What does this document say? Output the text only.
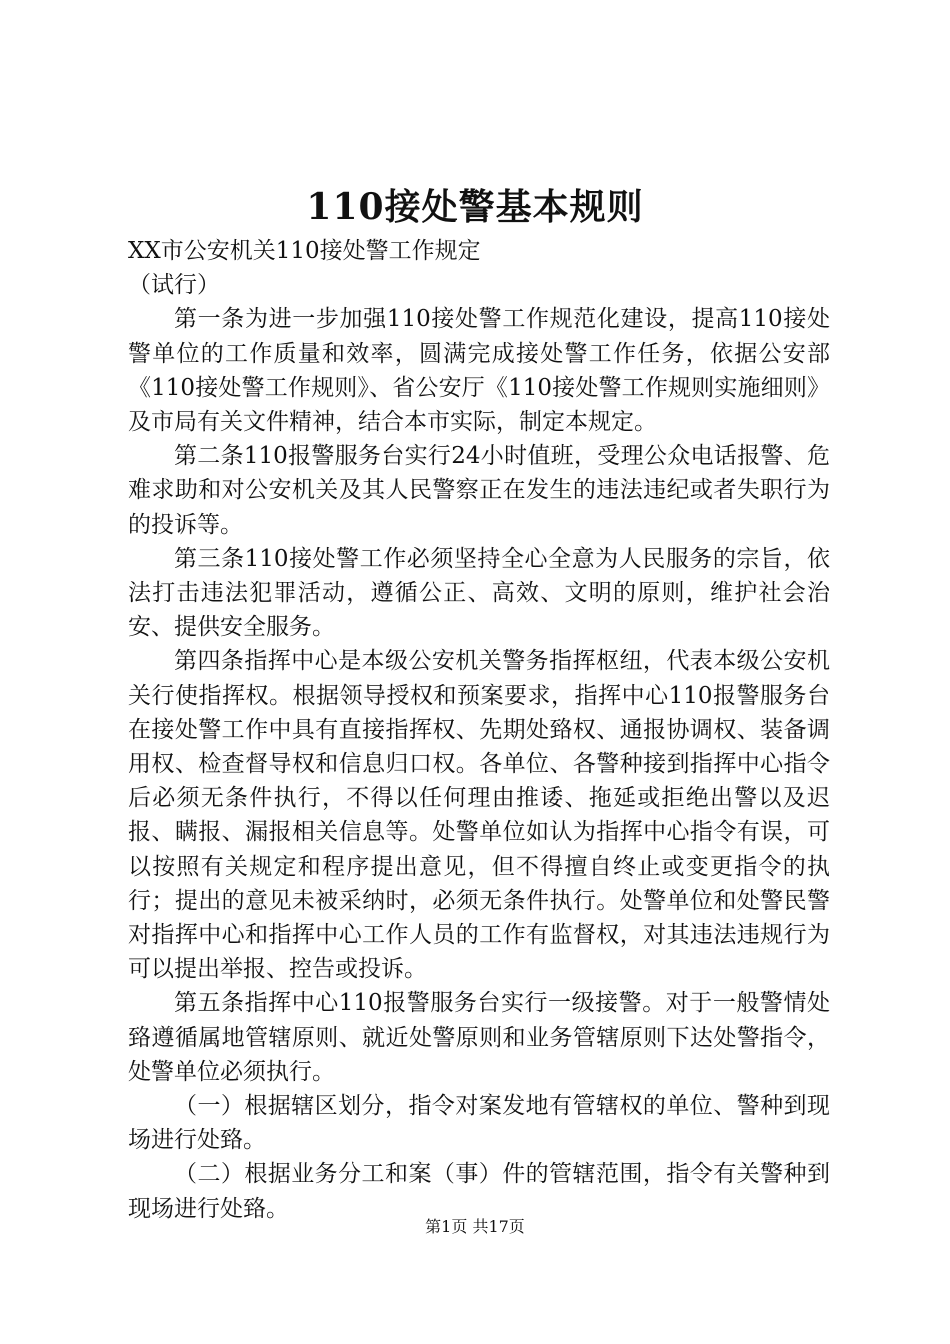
110接处警基本规则

XX市公安机关110接处警工作规定

（试行）

第一条为进一步加强110接处警工作规范化建设，提高110接处警单位的工作质量和效率，圆满完成接处警工作任务，依据公安部《110接处警工作规则》、省公安厅《110接处警工作规则实施细则》及市局有关文件精神，结合本市实际，制定本规定。

第二条110报警服务台实行24小时值班，受理公众电话报警、危难求助和对公安机关及其人民警察正在发生的违法违纪或者失职行为的投诉等。

第三条110接处警工作必须坚持全心全意为人民服务的宗旨，依法打击违法犯罪活动，遵循公正、高效、文明的原则，维护社会治安、提供安全服务。

第四条指挥中心是本级公安机关警务指挥枢纽，代表本级公安机关行使指挥权。根据领导授权和预案要求，指挥中心110报警服务台在接处警工作中具有直接指挥权、先期处臵权、通报协调权、装备调用权、检查督导权和信息归口权。各单位、各警种接到指挥中心指令后必须无条件执行，不得以任何理由推诿、拖延或拒绝出警以及迟报、瞒报、漏报相关信息等。处警单位如认为指挥中心指令有误，可以按照有关规定和程序提出意见，但不得擅自终止或变更指令的执行；提出的意见未被采纳时，必须无条件执行。处警单位和处警民警对指挥中心和指挥中心工作人员的工作有监督权，对其违法违规行为可以提出举报、控告或投诉。

第五条指挥中心110报警服务台实行一级接警。对于一般警情处臵遵循属地管辖原则、就近处警原则和业务管辖原则下达处警指令，处警单位必须执行。

（一）根据辖区划分，指令对案发地有管辖权的单位、警种到现场进行处臵。

（二）根据业务分工和案（事）件的管辖范围，指令有关警种到现场进行处臵。

第1页 共17页
